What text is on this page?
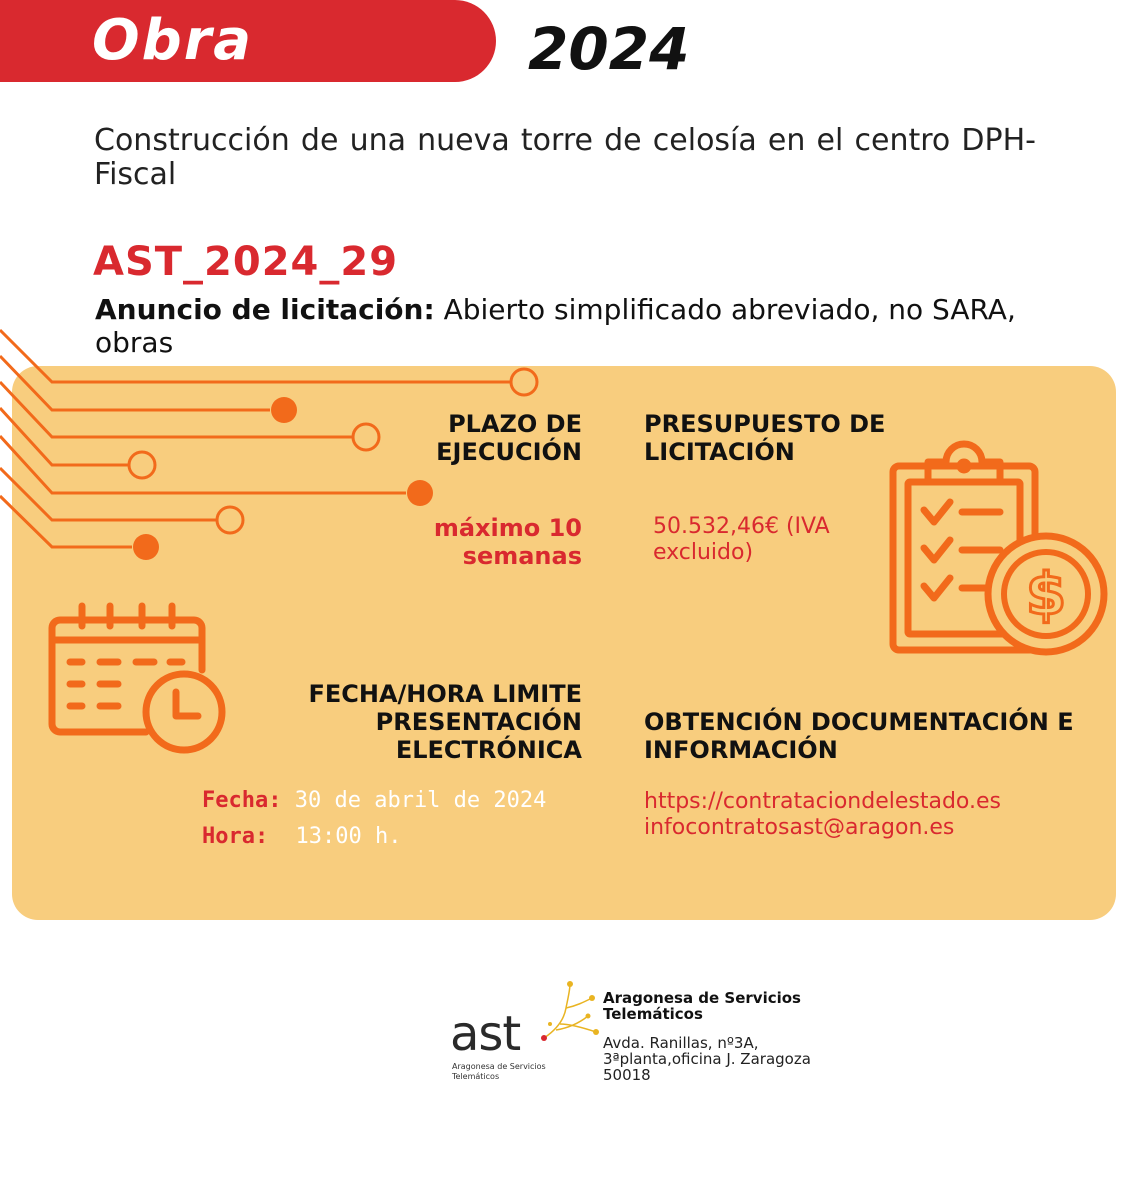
Obra	2024
Construcción de una nueva torre de celosía en el centro DPH-Fiscal
AST_2024_29
Anuncio de licitación: Abierto simplificado abreviado, no SARA, obras
PLAZO DE
EJECUCIÓN
máximo 10
semanas
PRESUPUESTO DE
LICITACIÓN
50.532,46€ (IVA
excluido)
$
FECHA/HORA LIMITE
PRESENTACIÓN
ELECTRÓNICA
Fecha: 30 de abril de 2024
Hora: 13:00 h.
OBTENCIÓN DOCUMENTACIÓN E
INFORMACIÓN
https://contrataciondelestado.es
infocontratosast@aragon.es
ast
Aragonesa de Servicios
Telemáticos
Aragonesa de Servicios
Telemáticos
Avda. Ranillas, nº3A,
3ªplanta,oficina J. Zaragoza
50018
